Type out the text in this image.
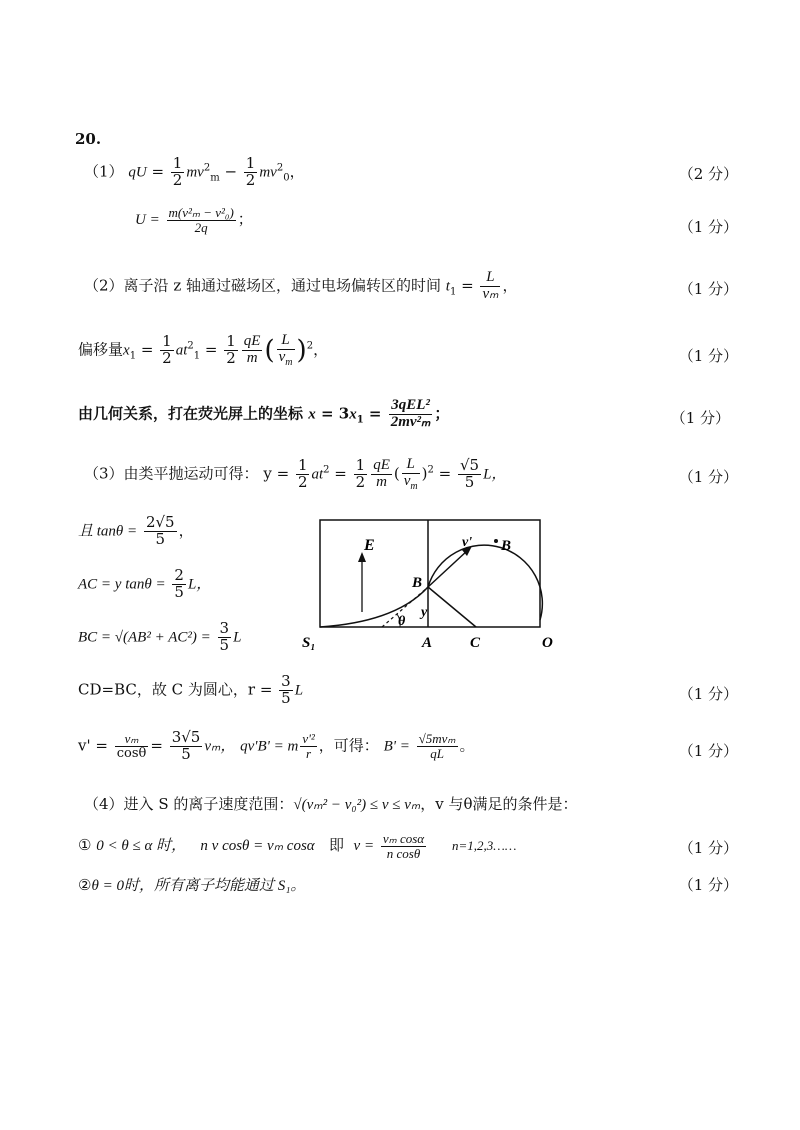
20.
（1） qU = $\frac{1}{2} mv^2_m - \frac{1}{2} mv^2_0$，	（2 分）
$U = \frac{\text{m(v²ₘ − v²₀)}}{2q}$ ；	（1 分）
（2）离子沿 z 轴通过磁场区，通过电场偏转区的时间 $t_1 = \frac{L}{\text{vₘ}}$ ，	（1 分）
偏移量$x_1 = \frac{1}{2} at^2_1 = \frac{1}{2} \frac{qE}{m}$ ( $\frac{L}{v_m} )^2$，	（1 分）
由几何关系，打在荧光屏上的坐标 $x = 3x_1 = \frac{\text{3qEL²}}{\text{2mv²ₘ}}$ ；	（1 分）
（3）由类平抛运动可得： $y = \frac{1}{2} at^2 = \frac{1}{2} \frac{qE}{m}$ ( $\frac{L}{v_m} )^2 = \frac{√5}{5}$ L，	（1 分）
且 $\tan\theta = \frac{2√5}{5}$ ，
AC = y $\tan\theta = \frac{2}{5}$ L，
BC = $√(AB^2 + AC^2) = \frac{3}{5}$ L
E	v' B
B
y
θ
S₁	A	C	O
CD=BC，故 C 为圆心，$r = \frac{3}{5}$ L	（1 分）
$v' = \frac{\text{vₘ}}{\cos\theta} = \frac{3√5}{5}$ vₘ， qv'B' = m $\frac{\text{v'²}}{r}$ ，可得： $B' = \frac{\text{√5mvₘ}}{qL}$ 。	（1 分）
（4）进入 S 的离子速度范围：√(vₘ² − v₀²) ≤ v ≤ vₘ，v 与θ满足的条件是：
① 0 < θ ≤ α 时， n v cosθ = vₘ cosα 即 $v = \frac{\text{vₘ cosα}}{\text{n cosθ}}$ n=1,2,3……	（1 分）
②θ = 0时，所有离子均能通过 S₁。	（1 分）
